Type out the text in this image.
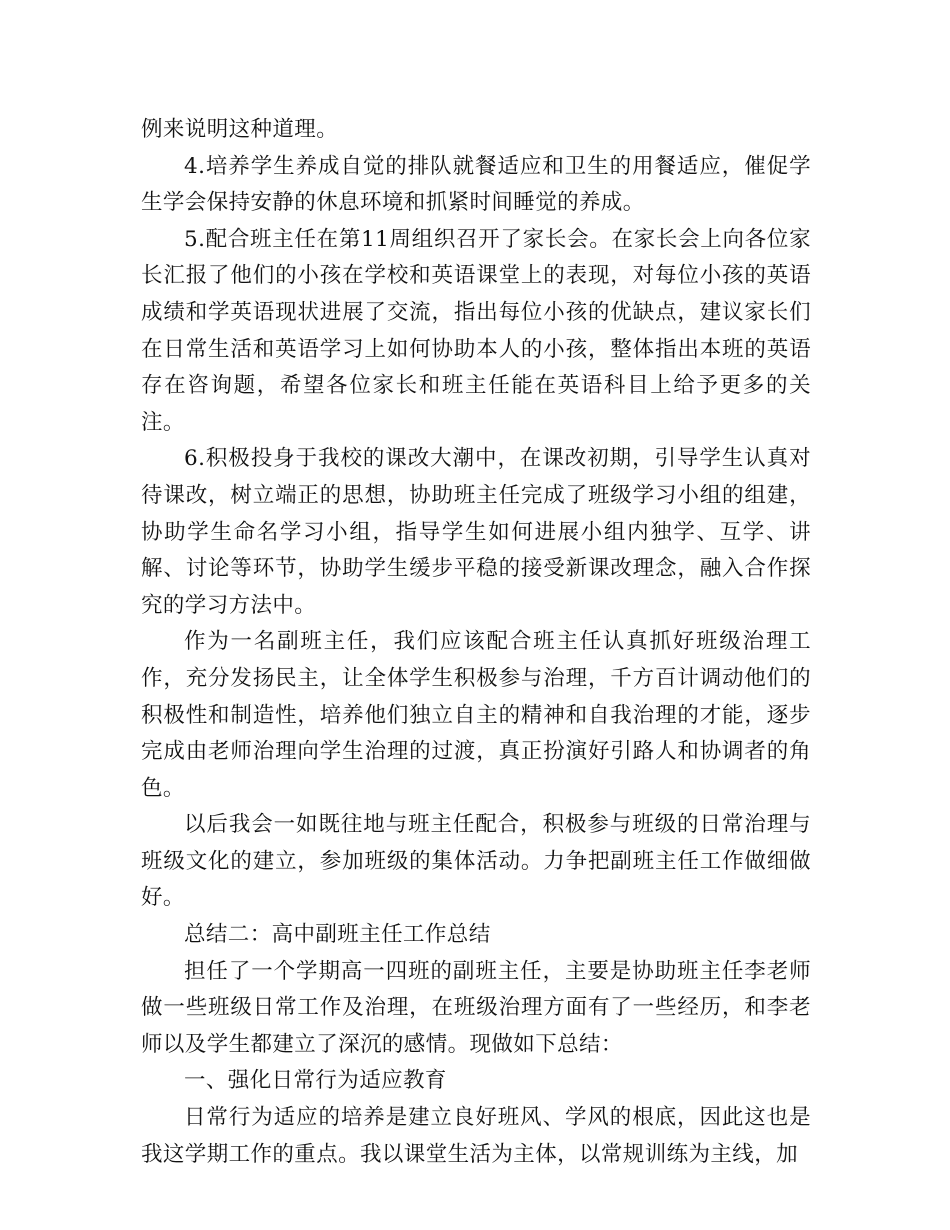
例来说明这种道理。

4.培养学生养成自觉的排队就餐适应和卫生的用餐适应，催促学生学会保持安静的休息环境和抓紧时间睡觉的养成。

5.配合班主任在第11周组织召开了家长会。在家长会上向各位家长汇报了他们的小孩在学校和英语课堂上的表现，对每位小孩的英语成绩和学英语现状进展了交流，指出每位小孩的优缺点，建议家长们在日常生活和英语学习上如何协助本人的小孩，整体指出本班的英语存在咨询题，希望各位家长和班主任能在英语科目上给予更多的关注。

6.积极投身于我校的课改大潮中，在课改初期，引导学生认真对待课改，树立端正的思想，协助班主任完成了班级学习小组的组建，协助学生命名学习小组，指导学生如何进展小组内独学、互学、讲解、讨论等环节，协助学生缓步平稳的接受新课改理念，融入合作探究的学习方法中。

作为一名副班主任，我们应该配合班主任认真抓好班级治理工作，充分发扬民主，让全体学生积极参与治理，千方百计调动他们的积极性和制造性，培养他们独立自主的精神和自我治理的才能，逐步完成由老师治理向学生治理的过渡，真正扮演好引路人和协调者的角色。

以后我会一如既往地与班主任配合，积极参与班级的日常治理与班级文化的建立，参加班级的集体活动。力争把副班主任工作做细做好。

总结二：高中副班主任工作总结

担任了一个学期高一四班的副班主任，主要是协助班主任李老师做一些班级日常工作及治理，在班级治理方面有了一些经历，和李老师以及学生都建立了深沉的感情。现做如下总结：

一、强化日常行为适应教育

日常行为适应的培养是建立良好班风、学风的根底，因此这也是我这学期工作的重点。我以课堂生活为主体，以常规训练为主线，加
